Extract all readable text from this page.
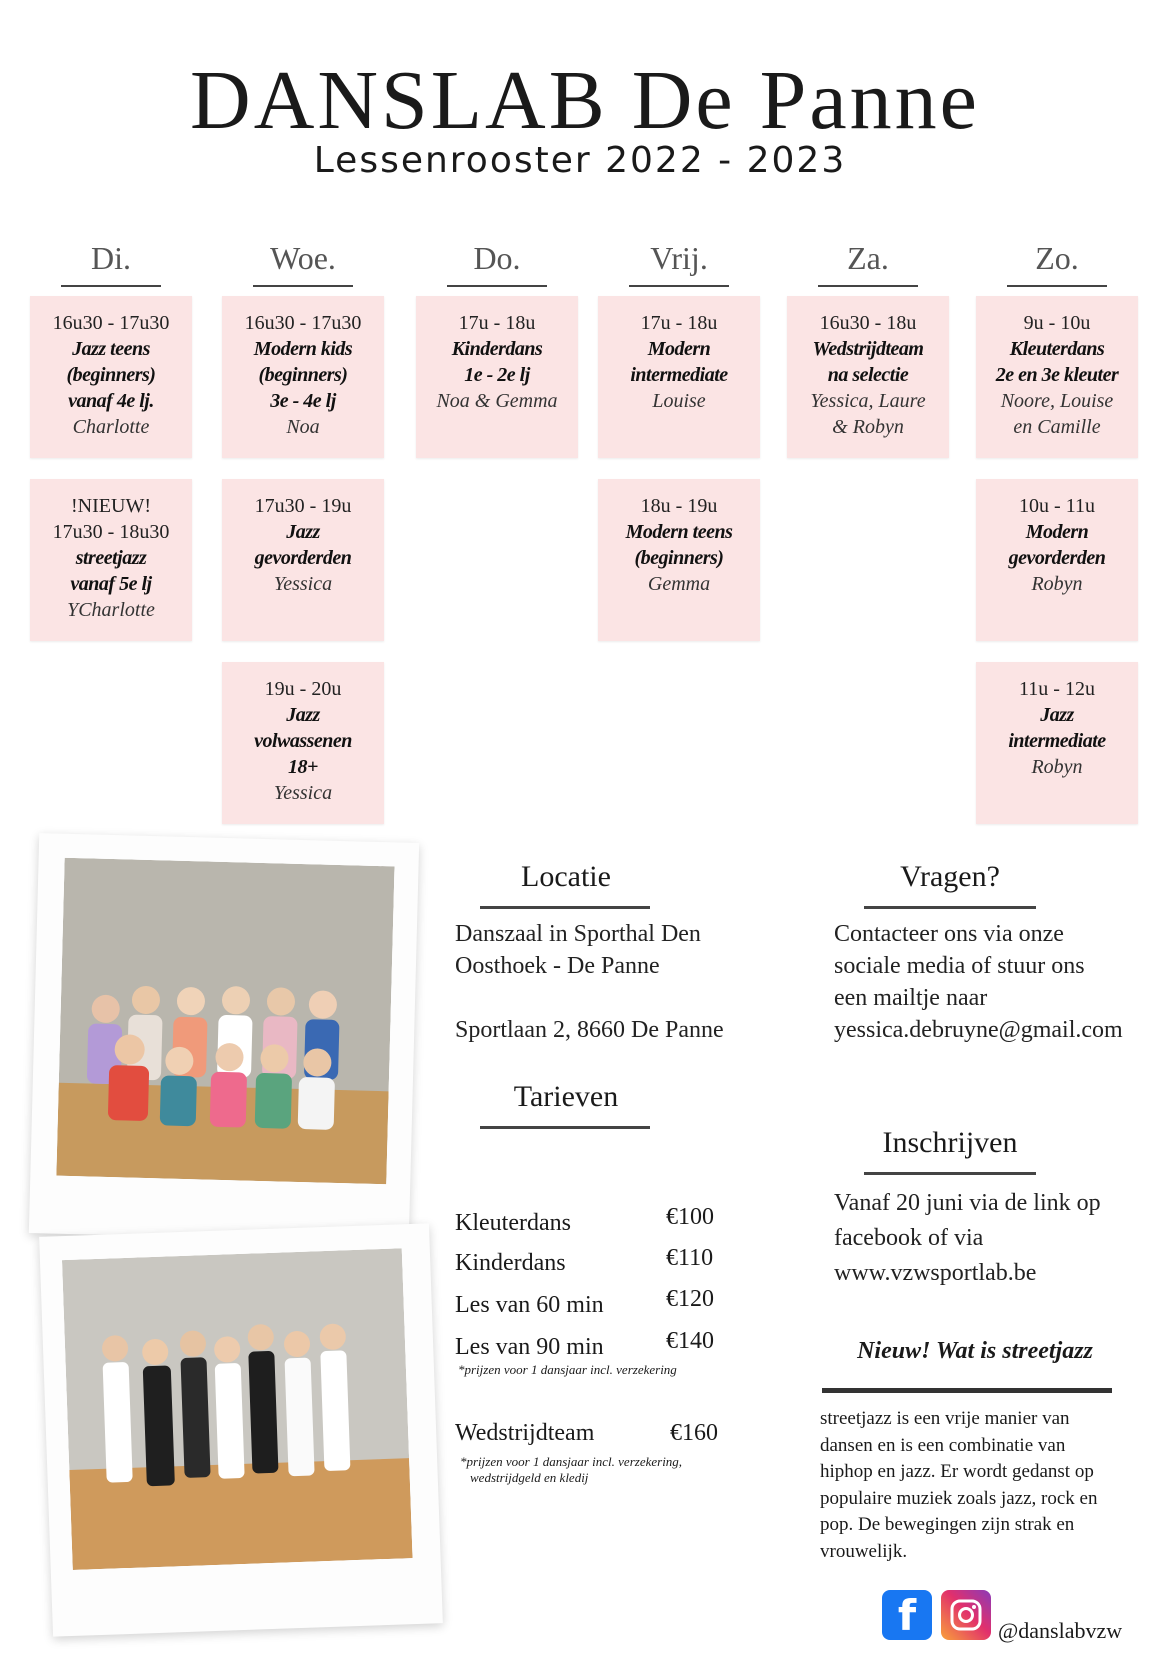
DANSLAB De Panne
Lessenrooster 2022 - 2023
Di.
16u30 - 17u30
Jazz teens
(beginners)
vanaf 4e lj.
Charlotte
!NIEUW!
17u30 - 18u30
streetjazz
vanaf 5e lj
YCharlotte
Woe.
16u30 - 17u30
Modern kids
(beginners)
3e - 4e lj
Noa
17u30 - 19u
Jazz
gevorderden
Yessica
19u - 20u
Jazz
volwassenen
18+
Yessica
Do.
17u - 18u
Kinderdans
1e - 2e lj
Noa & Gemma
Vrij.
17u - 18u
Modern
intermediate
Louise
18u - 19u
Modern teens
(beginners)
Gemma
Za.
16u30 - 18u
Wedstrijdteam
na selectie
Yessica, Laure
& Robyn
Zo.
9u - 10u
Kleuterdans
2e en 3e kleuter
Noore, Louise
en Camille
10u - 11u
Modern
gevorderden
Robyn
11u - 12u
Jazz
intermediate
Robyn
Locatie
Danszaal in Sporthal Den
Oosthoek - De Panne
Sportlaan 2, 8660 De Panne
Tarieven
Kleuterdans	€100
Kinderdans	€110
Les van 60 min	€120
Les van 90 min	€140
*prijzen voor 1 dansjaar incl. verzekering
Wedstrijdteam	€160
*prijzen voor 1 dansjaar incl. verzekering,
wedstrijdgeld en kledij
Vragen?
Contacteer ons via onze
sociale media of stuur ons
een mailtje naar
yessica.debruyne@gmail.com
Inschrijven
Vanaf 20 juni via de link op
facebook of via
www.vzwsportlab.be
Nieuw! Wat is streetjazz
streetjazz is een vrije manier van
dansen en is een combinatie van
hiphop en jazz. Er wordt gedanst op
populaire muziek zoals jazz, rock en
pop. De bewegingen zijn strak en
vrouwelijk.
f	@danslabvzw
